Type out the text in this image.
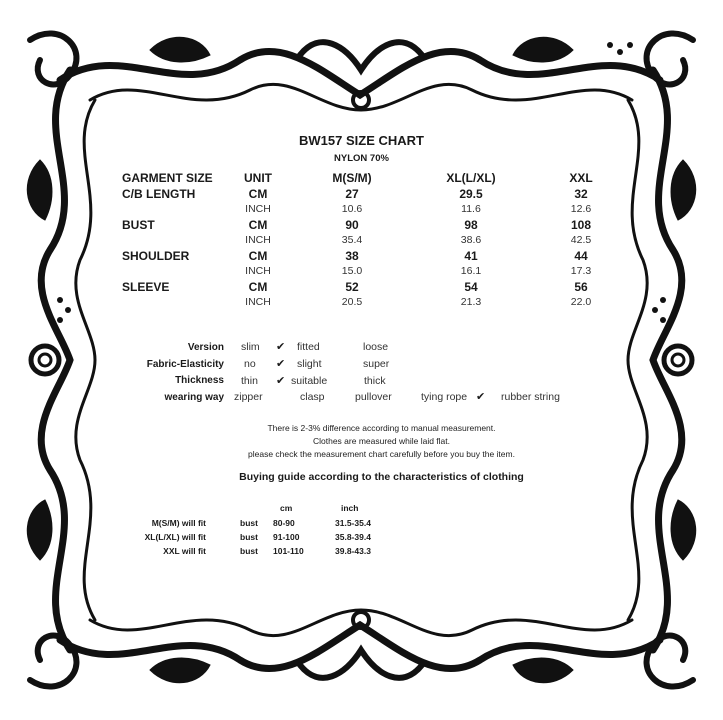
BW157 SIZE CHART
NYLON 70%
GARMENT SIZE	UNIT	M(S/M)	XL(L/XL)	XXL
C/B LENGTH	CM	27	29.5	32
INCH	10.6	11.6	12.6
BUST	CM	90	98	108
INCH	35.4	38.6	42.5
SHOULDER	CM	38	41	44
INCH	15.0	16.1	17.3
SLEEVE	CM	52	54	56
INCH	20.5	21.3	22.0
Version slim ✔ fitted	loose
Fabric-Elasticity no ✔ slight	super
Thickness thin ✔ suitable	thick
wearing way zipper	clasp	pullover	tying rope ✔ rubber string
There is 2-3% difference according to manual measurement.
Clothes are measured while laid flat.
please check the measurement chart carefully before you buy the item.
Buying guide according to the characteristics of clothing
cm	inch
M(S/M) will fit	bust 80-90	31.5-35.4
XL(L/XL) will fit	bust 91-100	35.8-39.4
XXL will fit	bust 101-110	39.8-43.3
